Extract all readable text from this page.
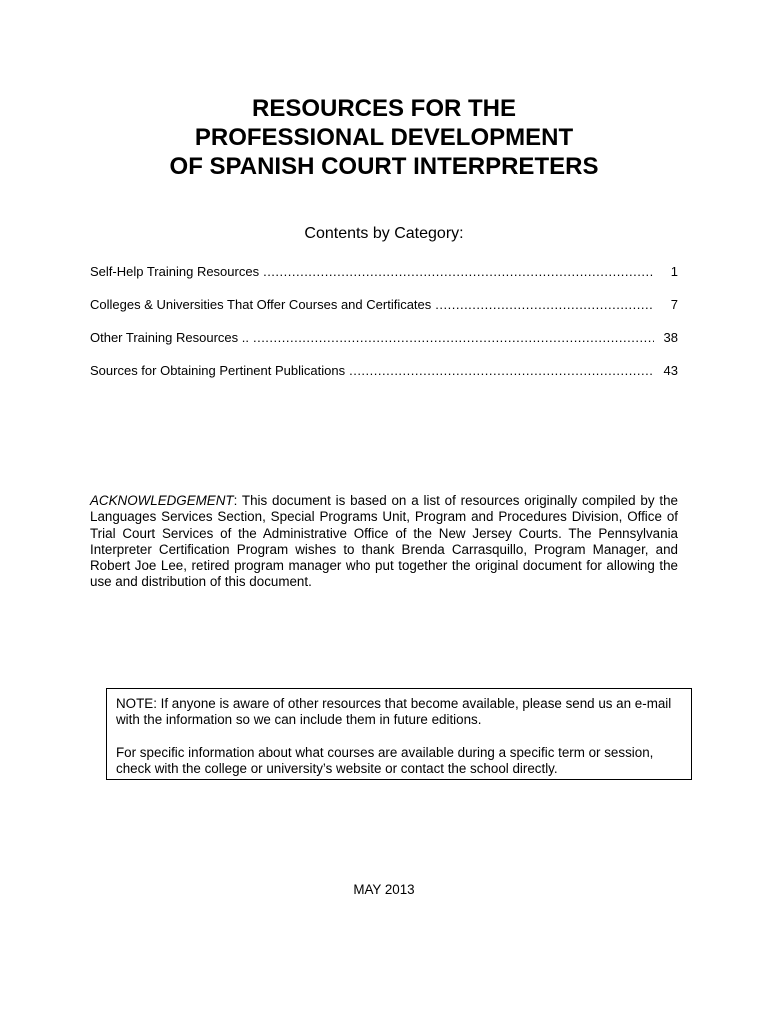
RESOURCES FOR THE
PROFESSIONAL DEVELOPMENT
OF SPANISH COURT INTERPRETERS
Contents by Category:
Self-Help Training Resources .....	1
Colleges & Universities That Offer Courses and Certificates .....	7
Other Training Resources .. .....	38
Sources for Obtaining Pertinent Publications .....	43
ACKNOWLEDGEMENT: This document is based on a list of resources originally compiled by the Languages Services Section, Special Programs Unit, Program and Procedures Division, Office of Trial Court Services of the Administrative Office of the New Jersey Courts. The Pennsylvania Interpreter Certification Program wishes to thank Brenda Carrasquillo, Program Manager, and Robert Joe Lee, retired program manager who put together the original document for allowing the use and distribution of this document.

NOTE: If anyone is aware of other resources that become available, please send us an e-mail with the information so we can include them in future editions.

For specific information about what courses are available during a specific term or session, check with the college or university’s website or contact the school directly.

MAY 2013
